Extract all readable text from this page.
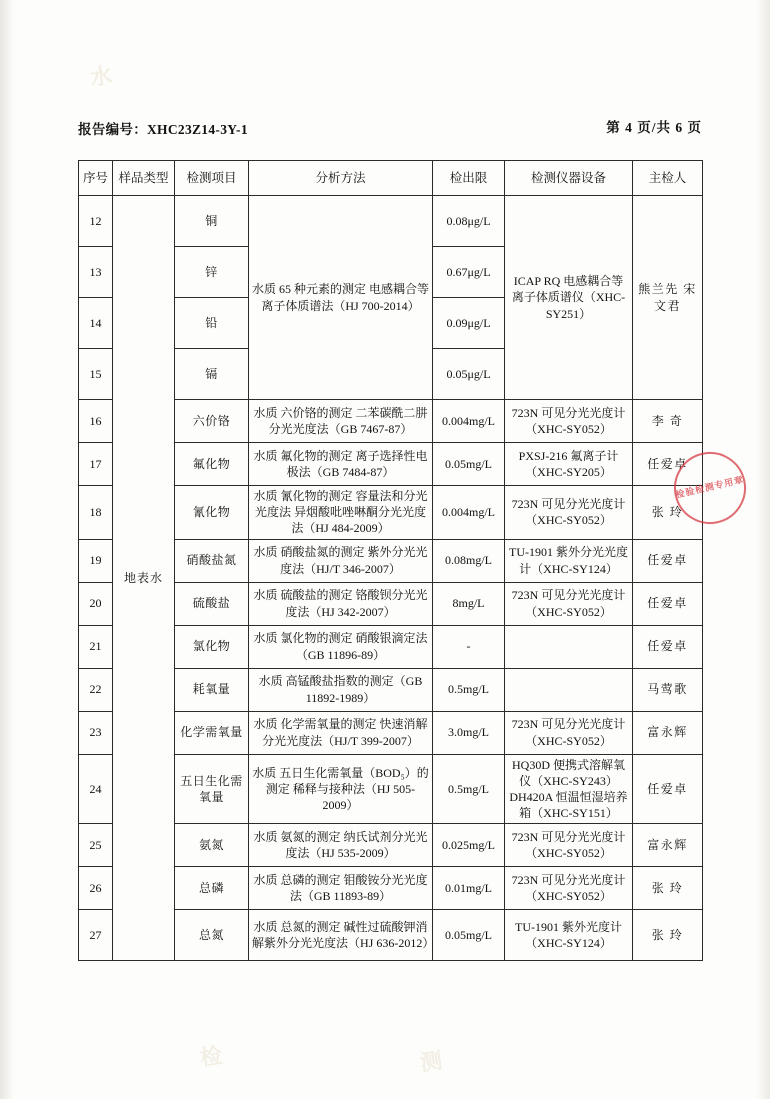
水
检	测
报告编号：XHC23Z14-3Y-1	第 4 页/共 6 页
序号	样品类型	检测项目	分析方法	检出限	检测仪器设备	主检人
12	地表水	铜	水质 65 种元素的测定 电感耦合等离子体质谱法（HJ 700-2014）	0.08μg/L	ICAP RQ 电感耦合等离子体质谱仪（XHC-SY251）	熊兰先 宋文君
13		锌		0.67μg/L		
14		铅		0.09μg/L		
15		镉		0.05μg/L		
16		六价铬	水质 六价铬的测定 二苯碳酰二肼分光光度法（GB 7467-87）	0.004mg/L	723N 可见分光光度计（XHC-SY052）	李 奇
17		氟化物	水质 氟化物的测定 离子选择性电极法（GB 7484-87）	0.05mg/L	PXSJ-216 氟离子计（XHC-SY205）	任爱卓
18		氰化物	水质 氰化物的测定 容量法和分光光度法 异烟酸吡唑啉酮分光光度法（HJ 484-2009）	0.004mg/L	723N 可见分光光度计（XHC-SY052）	张 玲
19		硝酸盐氮	水质 硝酸盐氮的测定 紫外分光光度法（HJ/T 346-2007）	0.08mg/L	TU-1901 紫外分光光度计（XHC-SY124）	任爱卓
20		硫酸盐	水质 硫酸盐的测定 铬酸钡分光光度法（HJ 342-2007）	8mg/L	723N 可见分光光度计（XHC-SY052）	任爱卓
21		氯化物	水质 氯化物的测定 硝酸银滴定法（GB 11896-89）	-		任爱卓
22		耗氧量	水质 高锰酸盐指数的测定（GB 11892-1989）	0.5mg/L		马莺歌
23		化学需氧量	水质 化学需氧量的测定 快速消解分光光度法（HJ/T 399-2007）	3.0mg/L	723N 可见分光光度计（XHC-SY052）	富永辉
24		五日生化需氧量	水质 五日生化需氧量（BOD₅）的测定 稀释与接种法（HJ 505-2009）	0.5mg/L	HQ30D 便携式溶解氧仪（XHC-SY243） DH420A 恒温恒湿培养箱（XHC-SY151）	任爱卓
25		氨氮	水质 氨氮的测定 纳氏试剂分光光度法（HJ 535-2009）	0.025mg/L	723N 可见分光光度计（XHC-SY052）	富永辉
26		总磷	水质 总磷的测定 钼酸铵分光光度法（GB 11893-89）	0.01mg/L	723N 可见分光光度计（XHC-SY052）	张 玲
27		总氮	水质 总氮的测定 碱性过硫酸钾消解紫外分光光度法（HJ 636-2012）	0.05mg/L	TU-1901 紫外光度计（XHC-SY124）	张 玲
检验检测专用章
